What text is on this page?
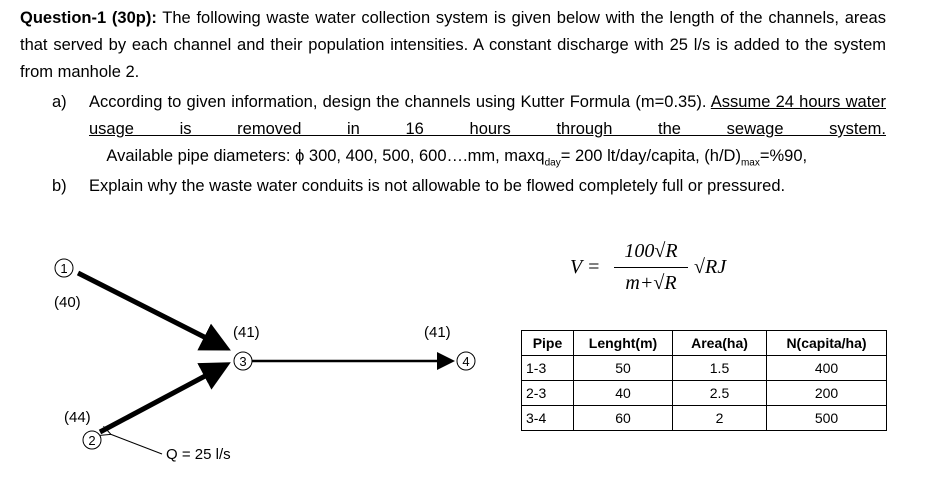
Question-1 (30p): The following waste water collection system is given below with the length of the channels, areas that served by each channel and their population intensities. A constant discharge with 25 l/s is added to the system from manhole 2.
a)	According to given information, design the channels using Kutter Formula (m=0.35). Assume 24 hours water usage is removed in 16 hours through the sewage system.    Available pipe diameters: ϕ 300, 400, 500, 600….mm, maxq$_{day}$= 200 lt/day/capita, $(h/D)_{max}=\%90$,
b)	Explain why the waste water conduits is not allowable to be flowed completely full or pressured.
1
2
3	4
(40)
(44)
(41)	(41)
Q = 25 l/s
V =
100√R
m+√R
√RJ
Pipe	Lenght(m)	Area(ha)	N(capita/ha)
1-3	50	1.5	400
2-3	40	2.5	200
3-4	60	2	500
